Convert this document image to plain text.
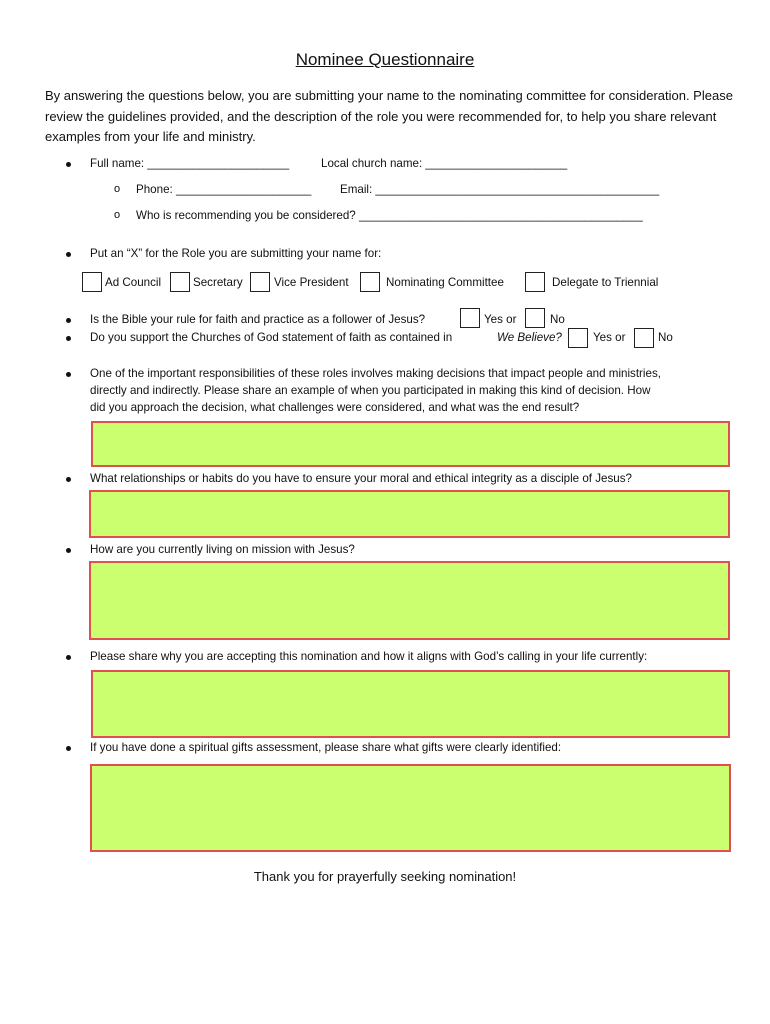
Nominee Questionnaire
By answering the questions below, you are submitting your name to the nominating committee for consideration. Please review the guidelines provided, and the description of the role you were recommended for, to help you share relevant examples from your life and ministry.
Full name: ______________________	Local church name: ______________________
o Phone: _____________________ Email: ____________________________________________
o Who is recommending you be considered? ____________________________________________
Put an “X” for the Role you are submitting your name for:
Ad Council	Secretary	Vice President	Nominating Committee	Delegate to Triennial
Is the Bible your rule for faith and practice as a follower of Jesus?	Yes or	No
Do you support the Churches of God statement of faith as contained in	We Believe?	Yes or	No
One of the important responsibilities of these roles involves making decisions that impact people and ministries,
directly and indirectly. Please share an example of when you participated in making this kind of decision. How
did you approach the decision, what challenges were considered, and what was the end result?
What relationships or habits do you have to ensure your moral and ethical integrity as a disciple of Jesus?
How are you currently living on mission with Jesus?
Please share why you are accepting this nomination and how it aligns with God’s calling in your life currently:
If you have done a spiritual gifts assessment, please share what gifts were clearly identified:
Thank you for prayerfully seeking nomination!
